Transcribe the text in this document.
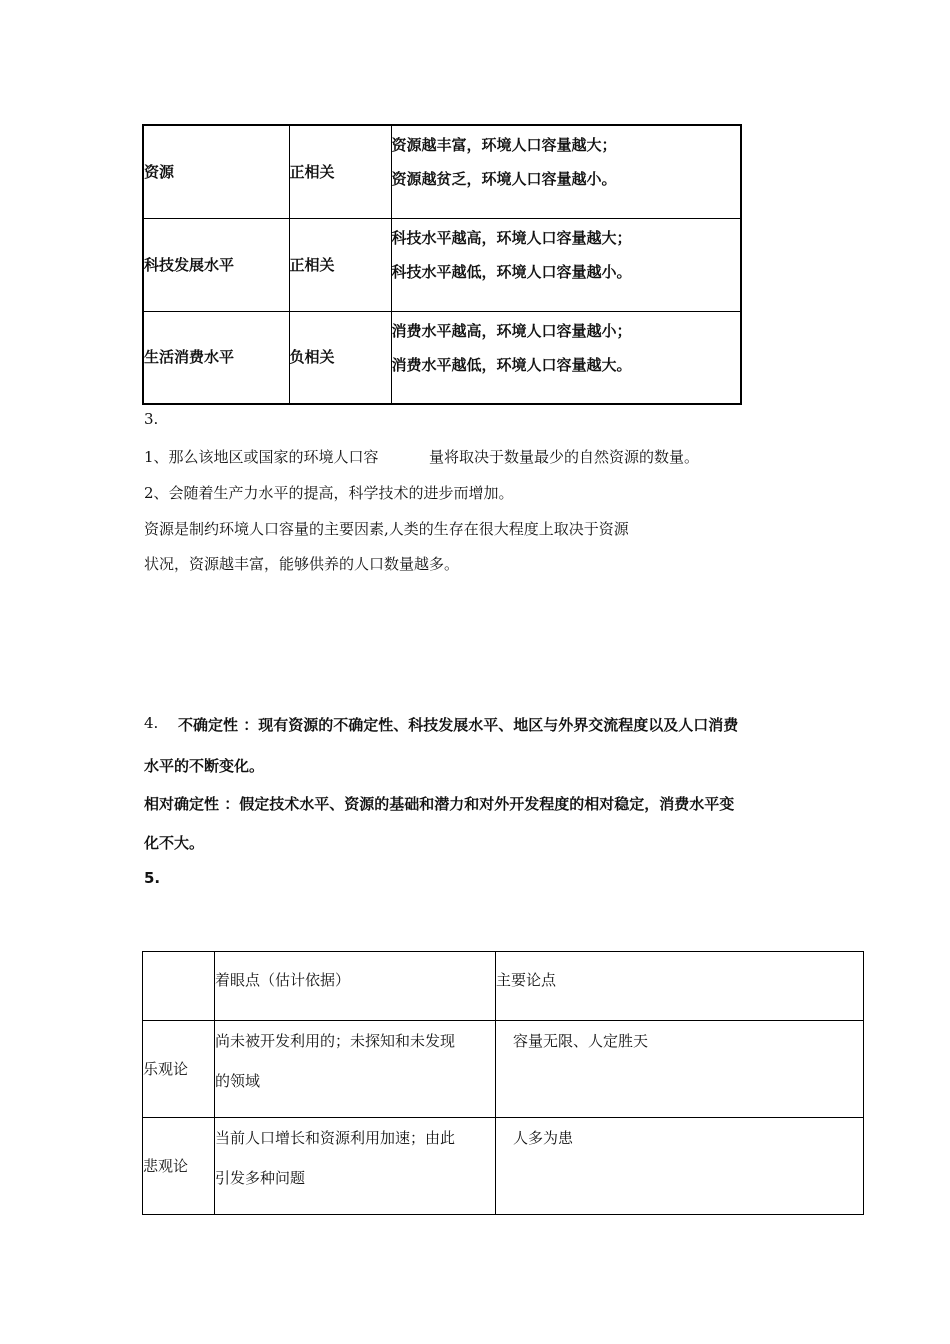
资源	正相关	资源越丰富，环境人口容量越大；
资源越贫乏，环境人口容量越小。

科技发展水平	正相关	科技水平越高，环境人口容量越大；
科技水平越低，环境人口容量越小。

生活消费水平	负相关	消费水平越高，环境人口容量越小；
消费水平越低，环境人口容量越大。
3.
1、那么该地区或国家的环境人口容	量将取决于数量最少的自然资源的数量。
2、会随着生产力水平的提高，科学技术的进步而增加。
资源是制约环境人口容量的主要因素,人类的生存在很大程度上取决于资源
状况，资源越丰富，能够供养的人口数量越多。
4. 不确定性 ：现有资源的不确定性、科技发展水平、地区与外界交流程度以及人口消费
水平的不断变化。
相对确定性 ：假定技术水平、资源的基础和潜力和对外开发程度的相对稳定，消费水平变
化不大。
5.

	着眼点（估计依据）	主要论点

乐观论	尚未被开发利用的；未探知和未发现
的领域	容量无限、人定胜天

悲观论	当前人口增长和资源利用加速；由此
引发多种问题	人多为患
